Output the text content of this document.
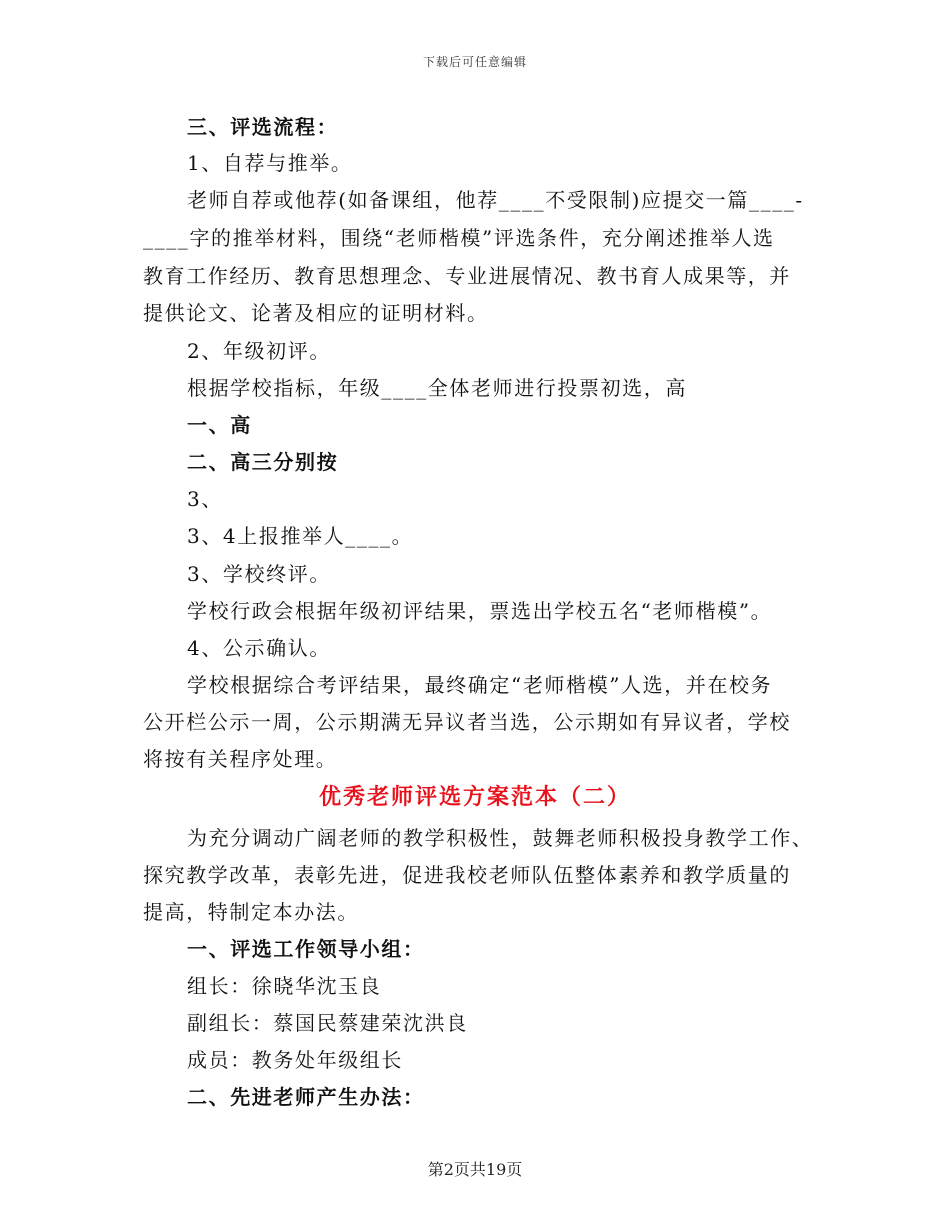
下载后可任意编辑
三、评选流程：
1、自荐与推举。
老师自荐或他荐(如备课组，他荐____不受限制)应提交一篇____-
____字的推举材料，围绕“老师楷模”评选条件，充分阐述推举人选
教育工作经历、教育思想理念、专业进展情况、教书育人成果等，并
提供论文、论著及相应的证明材料。
2、年级初评。
根据学校指标，年级____全体老师进行投票初选，高
一、高
二、高三分别按
3、
3、4上报推举人____。
3、学校终评。
学校行政会根据年级初评结果，票选出学校五名“老师楷模”。
4、公示确认。
学校根据综合考评结果，最终确定“老师楷模”人选，并在校务
公开栏公示一周，公示期满无异议者当选，公示期如有异议者，学校
将按有关程序处理。
优秀老师评选方案范本（二）
为充分调动广阔老师的教学积极性，鼓舞老师积极投身教学工作、
探究教学改革，表彰先进，促进我校老师队伍整体素养和教学质量的
提高，特制定本办法。
一、评选工作领导小组：
组长：徐晓华沈玉良
副组长：蔡国民蔡建荣沈洪良
成员：教务处年级组长
二、先进老师产生办法：
第2页共19页
